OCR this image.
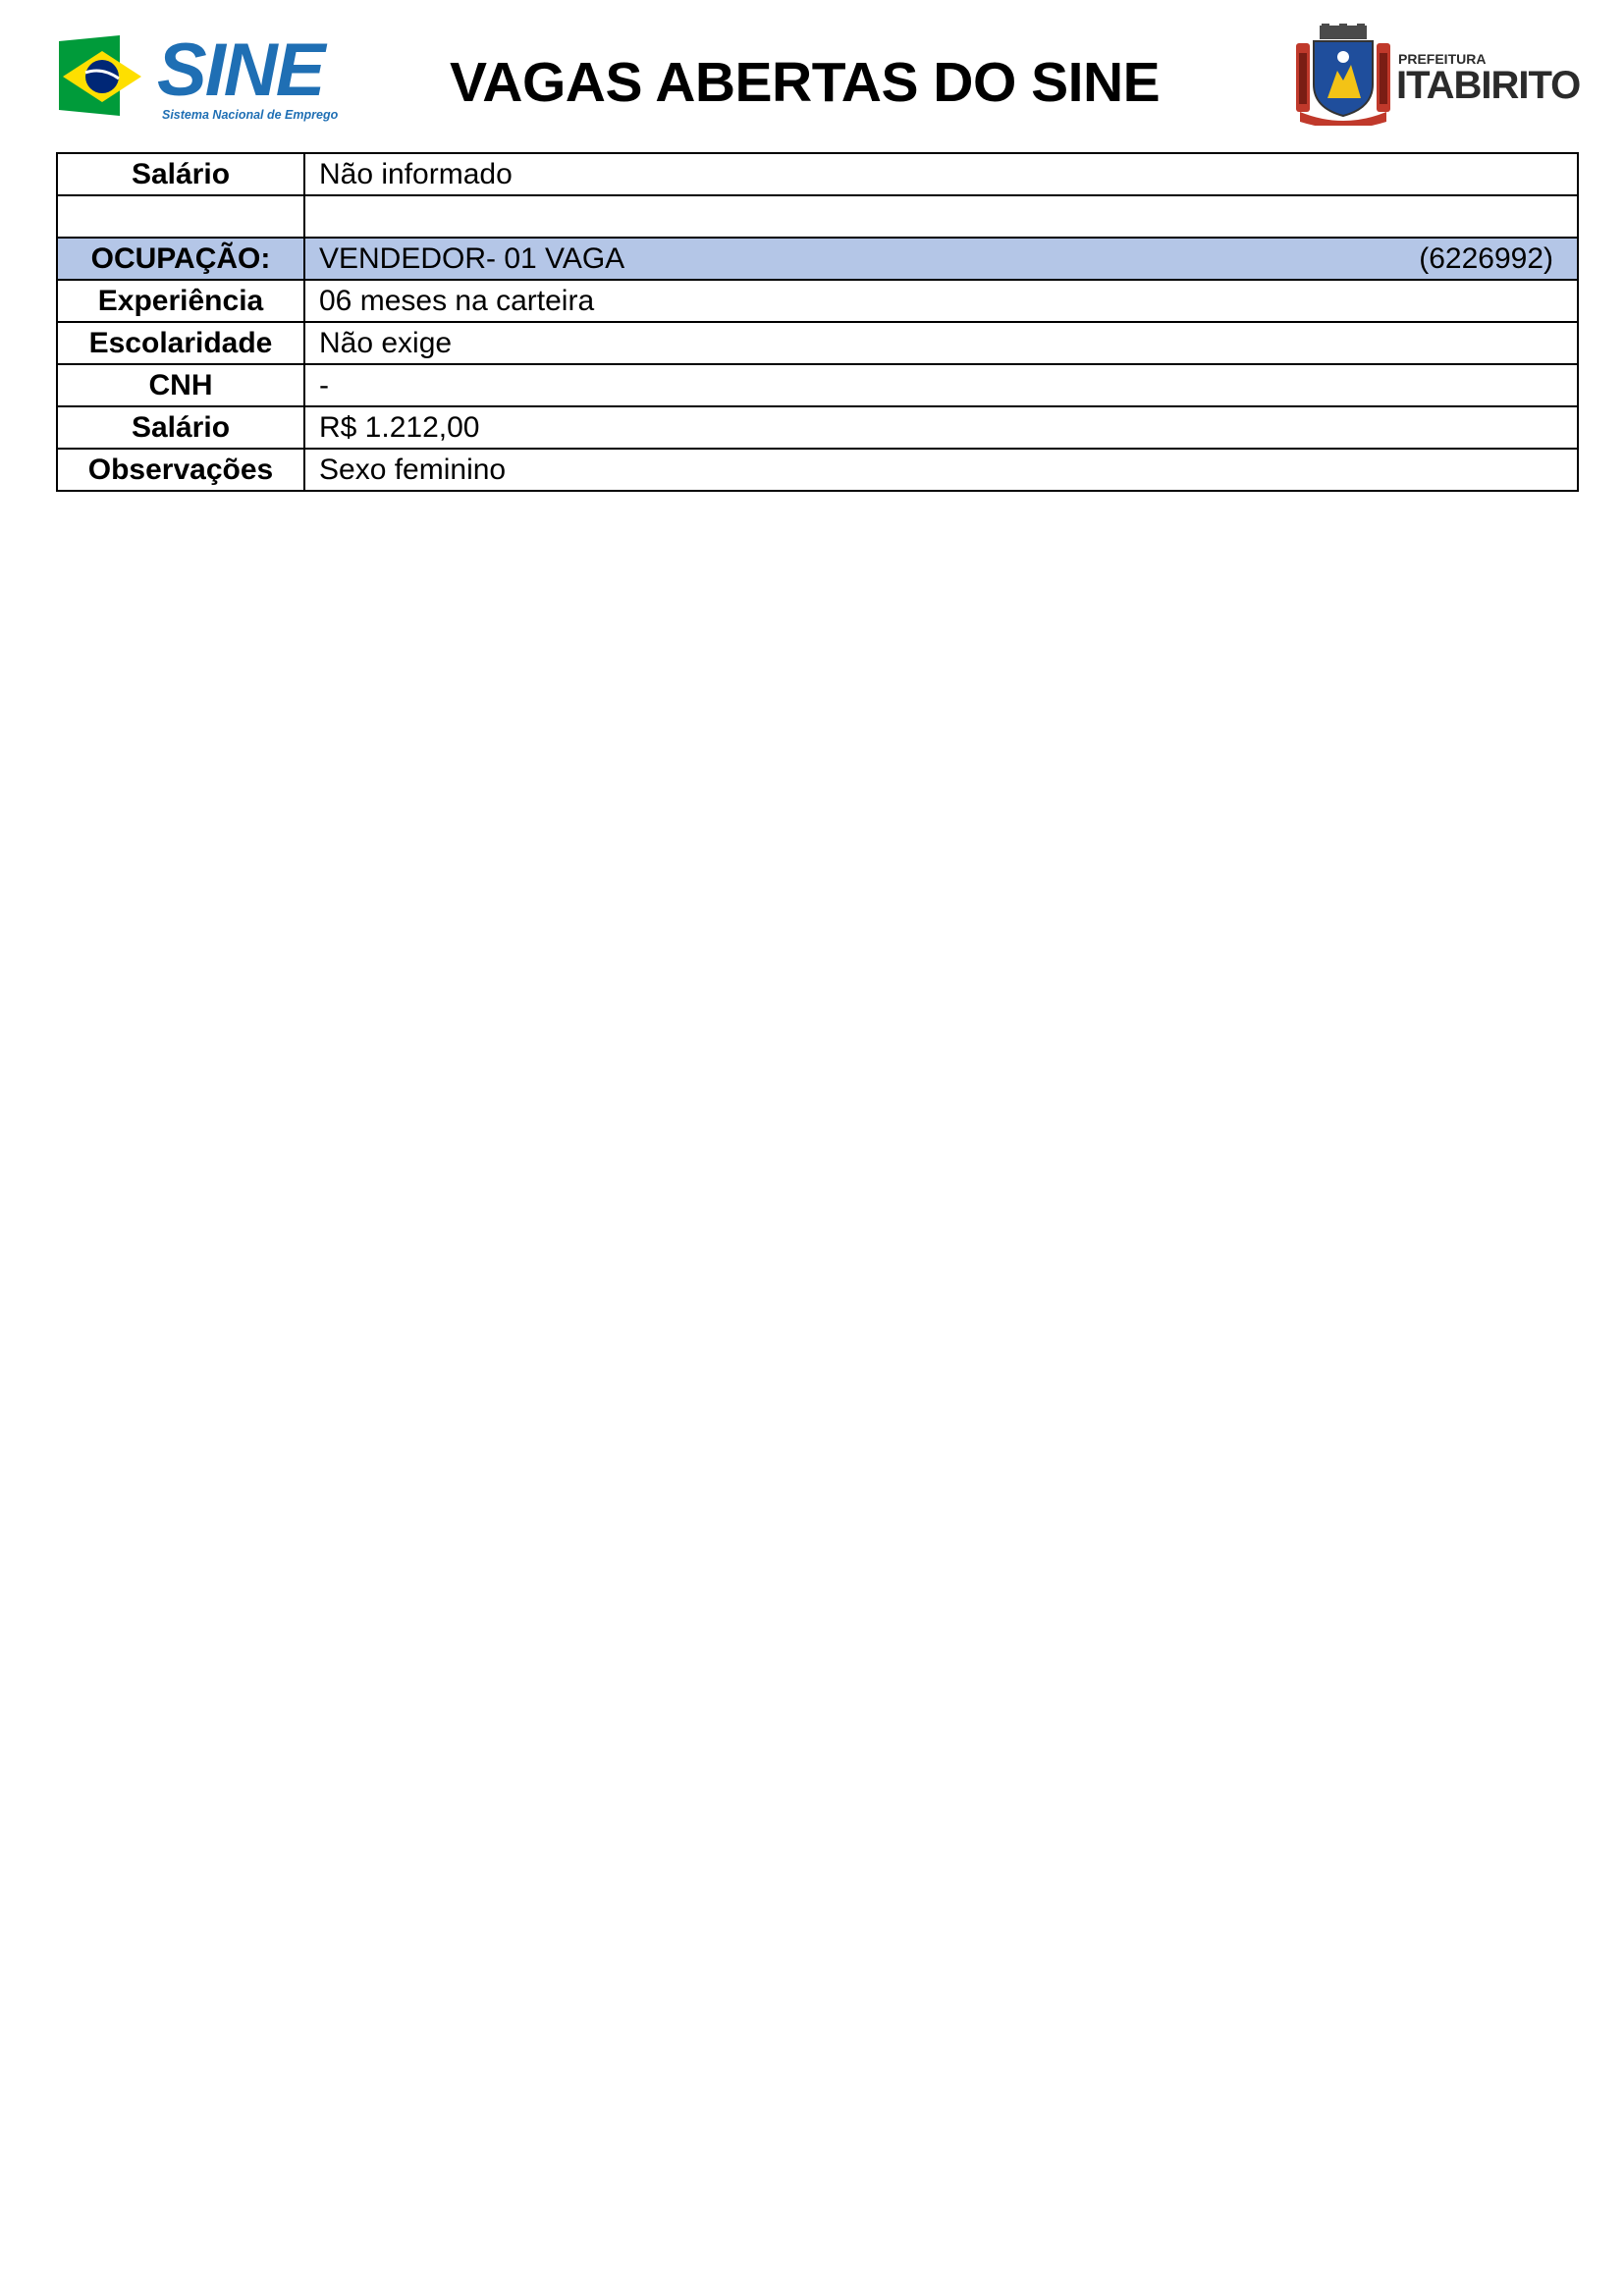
SINE
Sistema Nacional de Emprego
VAGAS ABERTAS DO SINE	PREFEITURA
ITABIRITO
Salário	Não informado

OCUPAÇÃO:	VENDEDOR- 01 VAGA (6226992)

Experiência	06 meses na carteira
Escolaridade	Não exige
CNH	-
Salário	R$ 1.212,00
Observações	Sexo feminino
